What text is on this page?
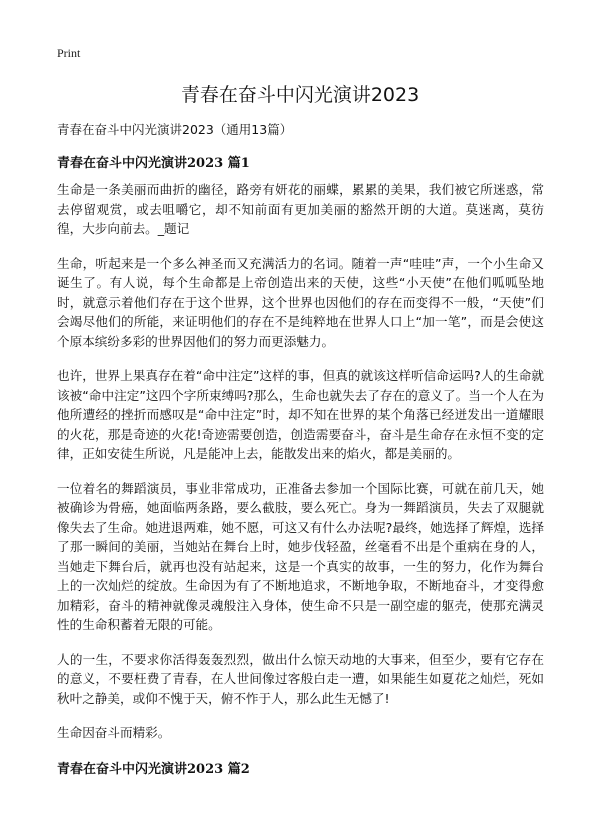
Print
青春在奋斗中闪光演讲2023

青春在奋斗中闪光演讲2023（通用13篇）

青春在奋斗中闪光演讲2023 篇1

生命是一条美丽而曲折的幽径，路旁有妍花的丽蝶，累累的美果，我们被它所迷惑，常去停留观赏，或去咀嚼它，却不知前面有更加美丽的豁然开朗的大道。莫迷离，莫彷徨，大步向前去。_题记

生命，听起来是一个多么神圣而又充满活力的名词。随着一声“哇哇”声，一个小生命又诞生了。有人说，每个生命都是上帝创造出来的天使，这些“小天使”在他们呱呱坠地时，就意示着他们存在于这个世界，这个世界也因他们的存在而变得不一般，“天使”们会竭尽他们的所能，来证明他们的存在不是纯粹地在世界人口上“加一笔”，而是会使这个原本缤纷多彩的世界因他们的努力而更添魅力。

也许，世界上果真存在着“命中注定”这样的事，但真的就该这样听信命运吗?人的生命就该被“命中注定”这四个字所束缚吗?那么，生命也就失去了存在的意义了。当一个人在为他所遭经的挫折而感叹是“命中注定”时，却不知在世界的某个角落已经迸发出一道耀眼的火花，那是奇迹的火花!奇迹需要创造，创造需要奋斗，奋斗是生命存在永恒不变的定律，正如安徒生所说，凡是能冲上去，能散发出来的焰火，都是美丽的。

一位着名的舞蹈演员，事业非常成功，正准备去参加一个国际比赛，可就在前几天，她被确诊为骨癌，她面临两条路，要么截肢，要么死亡。身为一舞蹈演员，失去了双腿就像失去了生命。她进退两难，她不愿，可这又有什么办法呢?最终，她选择了辉煌，选择了那一瞬间的美丽，当她站在舞台上时，她步伐轻盈，丝毫看不出是个重病在身的人，当她走下舞台后，就再也没有站起来，这是一个真实的故事，一生的努力，化作为舞台上的一次灿烂的绽放。生命因为有了不断地追求，不断地争取，不断地奋斗，才变得愈加精彩，奋斗的精神就像灵魂般注入身体，使生命不只是一副空虚的躯壳，使那充满灵性的生命积蓄着无限的可能。

人的一生，不要求你活得轰轰烈烈，做出什么惊天动地的大事来，但至少，要有它存在的意义，不要枉费了青春，在人世间像过客般白走一遭，如果能生如夏花之灿烂，死如秋叶之静美，或仰不愧于天，俯不怍于人，那么此生无憾了!

生命因奋斗而精彩。

青春在奋斗中闪光演讲2023 篇2
